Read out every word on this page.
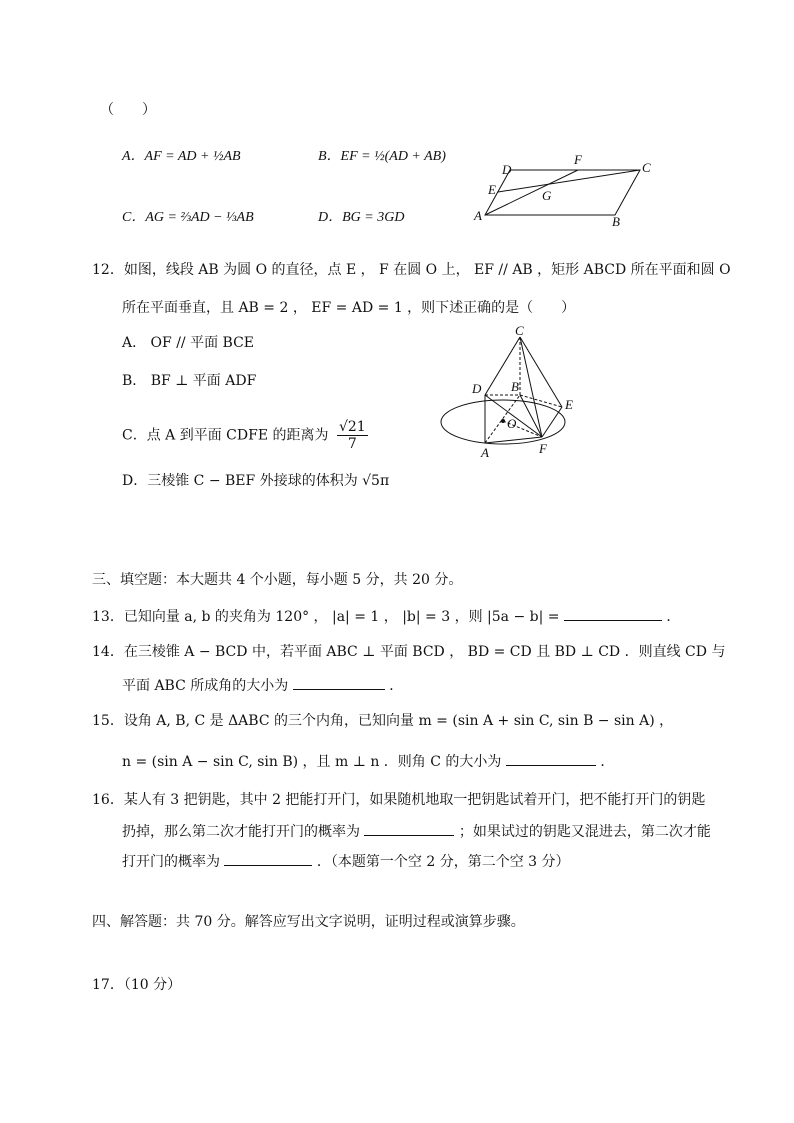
（　　）
A．AF = AD + ½AB	B．EF = ½(AD + AB)
C．AG = ⅔AD − ⅓AB	D．BG = 3GD	A	B
C
D
E
F
G
12．如图，线段 AB 为圆 O 的直径，点 E ， F 在圆 O 上， EF // AB ，矩形 ABCD 所在平面和圆 O
所在平面垂直，且 AB = 2 ， EF = AD = 1 ，则下述正确的是（　　）
A． OF // 平面 BCE
B． BF ⊥ 平面 ADF
C．点 A 到平面 CDFE 的距离为 $\frac{√21}{7}$
D．三棱锥 C − BEF 外接球的体积为 √5π
C
D B
E
O
A	F
三、填空题：本大题共 4 个小题，每小题 5 分，共 20 分。
13．已知向量 a, b 的夹角为 120° ， |a| = 1 ， |b| = 3 ，则 |5a − b| =	．
14．在三棱锥 A − BCD 中，若平面 ABC ⊥ 平面 BCD ， BD = CD 且 BD ⊥ CD ．则直线 CD 与
平面 ABC 所成角的大小为	．
15．设角 A, B, C 是 ΔABC 的三个内角，已知向量 m = (sin A + sin C, sin B − sin A) ，
n = (sin A − sin C, sin B) ，且 m ⊥ n ．则角 C 的大小为	．
16．某人有 3 把钥匙，其中 2 把能打开门，如果随机地取一把钥匙试着开门，把不能打开门的钥匙
扔掉，那么第二次才能打开门的概率为	；如果试过的钥匙又混进去，第二次才能
打开门的概率为	．（本题第一个空 2 分，第二个空 3 分）
四、解答题：共 70 分。解答应写出文字说明，证明过程或演算步骤。
17．（10 分）
